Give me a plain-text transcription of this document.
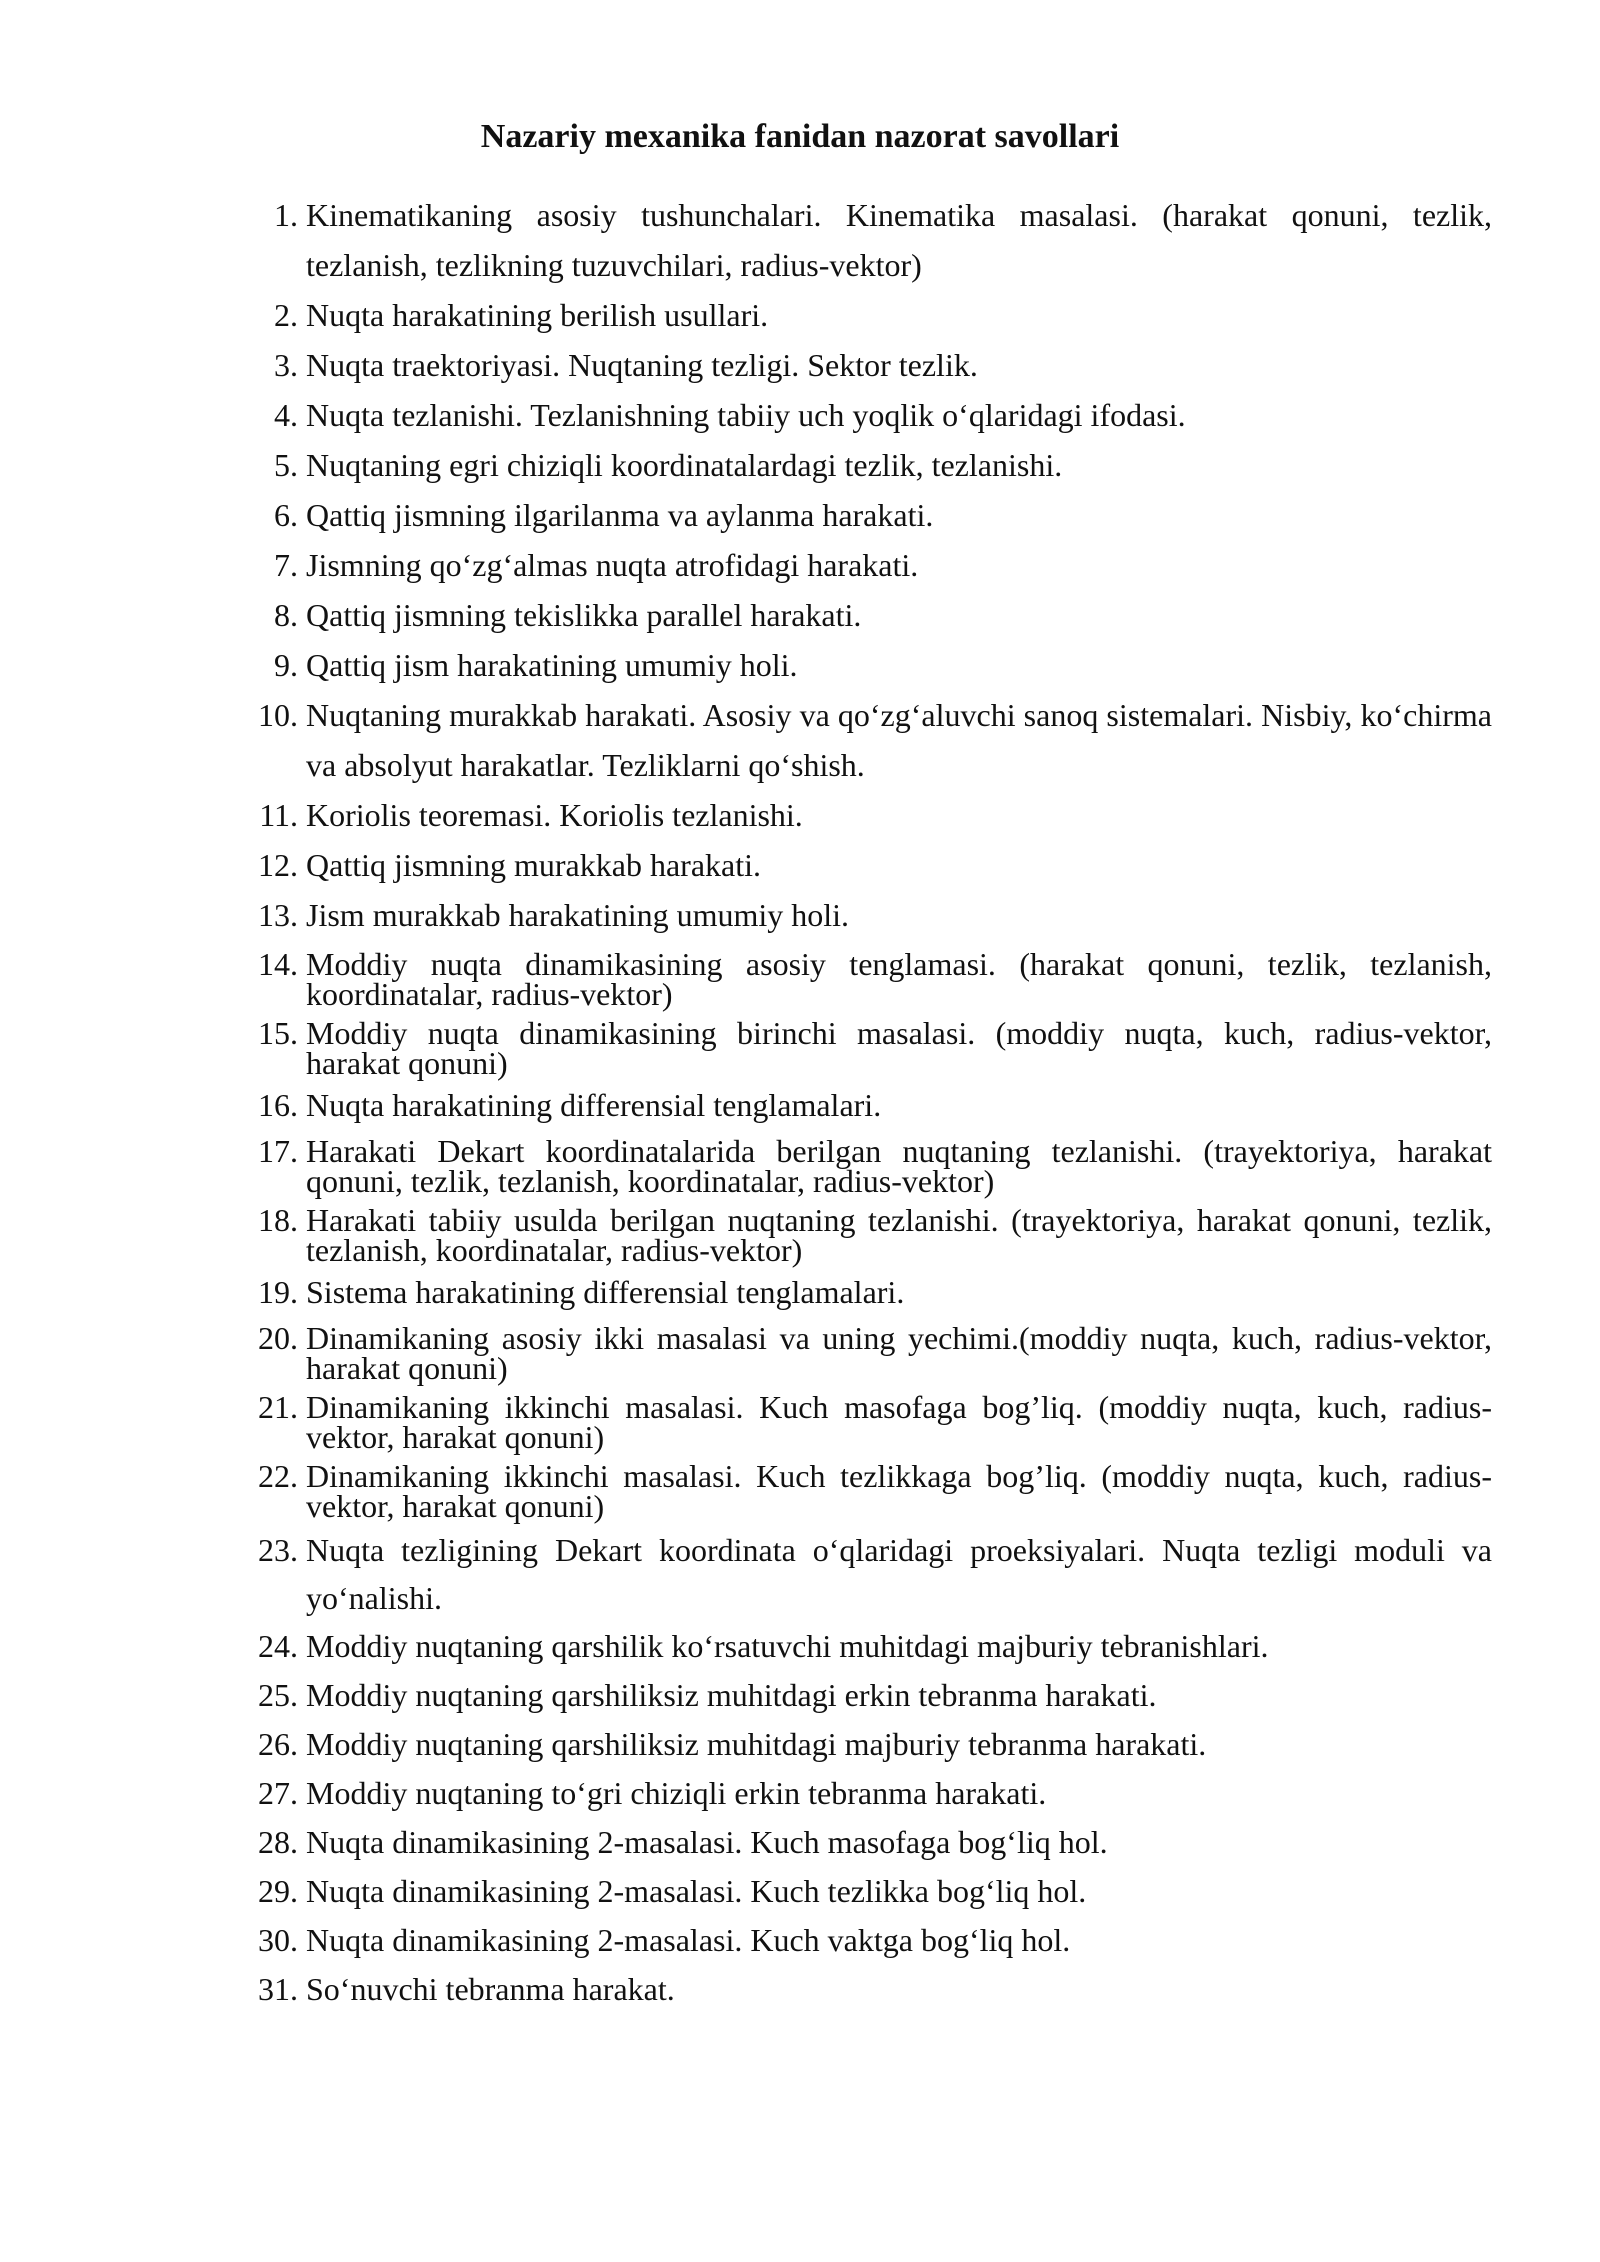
Nazariy mexanika fanidan nazorat savollari
1. Kinematikaning asosiy tushunchalari. Kinematika masalasi. (harakat qonuni, tezlik, tezlanish, tezlikning tuzuvchilari, radius-vektor)
2. Nuqta harakatining berilish usullari.
3. Nuqta traektoriyasi. Nuqtaning tezligi. Sektor tezlik.
4. Nuqta tezlanishi. Tezlanishning tabiiy uch yoqlik o‘qlaridagi ifodasi.
5. Nuqtaning egri chiziqli koordinatalardagi tezlik, tezlanishi.
6. Qattiq jismning ilgarilanma va aylanma harakati.
7. Jismning qo‘zg‘almas nuqta atrofidagi harakati.
8. Qattiq jismning tekislikka parallel harakati.
9. Qattiq jism harakatining umumiy holi.
10. Nuqtaning murakkab harakati. Asosiy va qo‘zg‘aluvchi sanoq sistemalari. Nisbiy, ko‘chirma va absolyut harakatlar. Tezliklarni qo‘shish.
11. Koriolis teoremasi. Koriolis tezlanishi.
12. Qattiq jismning murakkab harakati.
13. Jism murakkab harakatining umumiy holi.
14. Moddiy nuqta dinamikasining asosiy tenglamasi. (harakat qonuni, tezlik, tezlanish, koordinatalar, radius-vektor)
15. Moddiy nuqta dinamikasining birinchi masalasi. (moddiy nuqta, kuch, radius-vektor, harakat qonuni)
16. Nuqta harakatining differensial tenglamalari.
17. Harakati Dekart koordinatalarida berilgan nuqtaning tezlanishi. (trayektoriya, harakat qonuni, tezlik, tezlanish, koordinatalar, radius-vektor)
18. Harakati tabiiy usulda berilgan nuqtaning tezlanishi. (trayektoriya, harakat qonuni, tezlik, tezlanish, koordinatalar, radius-vektor)
19. Sistema harakatining differensial tenglamalari.
20. Dinamikaning asosiy ikki masalasi va uning yechimi.(moddiy nuqta, kuch, radius-vektor, harakat qonuni)
21. Dinamikaning ikkinchi masalasi. Kuch masofaga bog’liq. (moddiy nuqta, kuch, radius-vektor, harakat qonuni)
22. Dinamikaning ikkinchi masalasi. Kuch tezlikkaga bog’liq. (moddiy nuqta, kuch, radius-vektor, harakat qonuni)
23. Nuqta tezligining Dekart koordinata o‘qlaridagi proeksiyalari. Nuqta tezligi moduli va yo‘nalishi.
24. Moddiy nuqtaning qarshilik ko‘rsatuvchi muhitdagi majburiy tebranishlari.
25. Moddiy nuqtaning qarshiliksiz muhitdagi erkin tebranma harakati.
26. Moddiy nuqtaning qarshiliksiz muhitdagi majburiy tebranma harakati.
27. Moddiy nuqtaning to‘gri chiziqli erkin tebranma harakati.
28. Nuqta dinamikasining 2-masalasi. Kuch masofaga bog‘liq hol.
29. Nuqta dinamikasining 2-masalasi. Kuch tezlikka bog‘liq hol.
30. Nuqta dinamikasining 2-masalasi. Kuch vaktga bog‘liq hol.
31. So‘nuvchi tebranma harakat.
